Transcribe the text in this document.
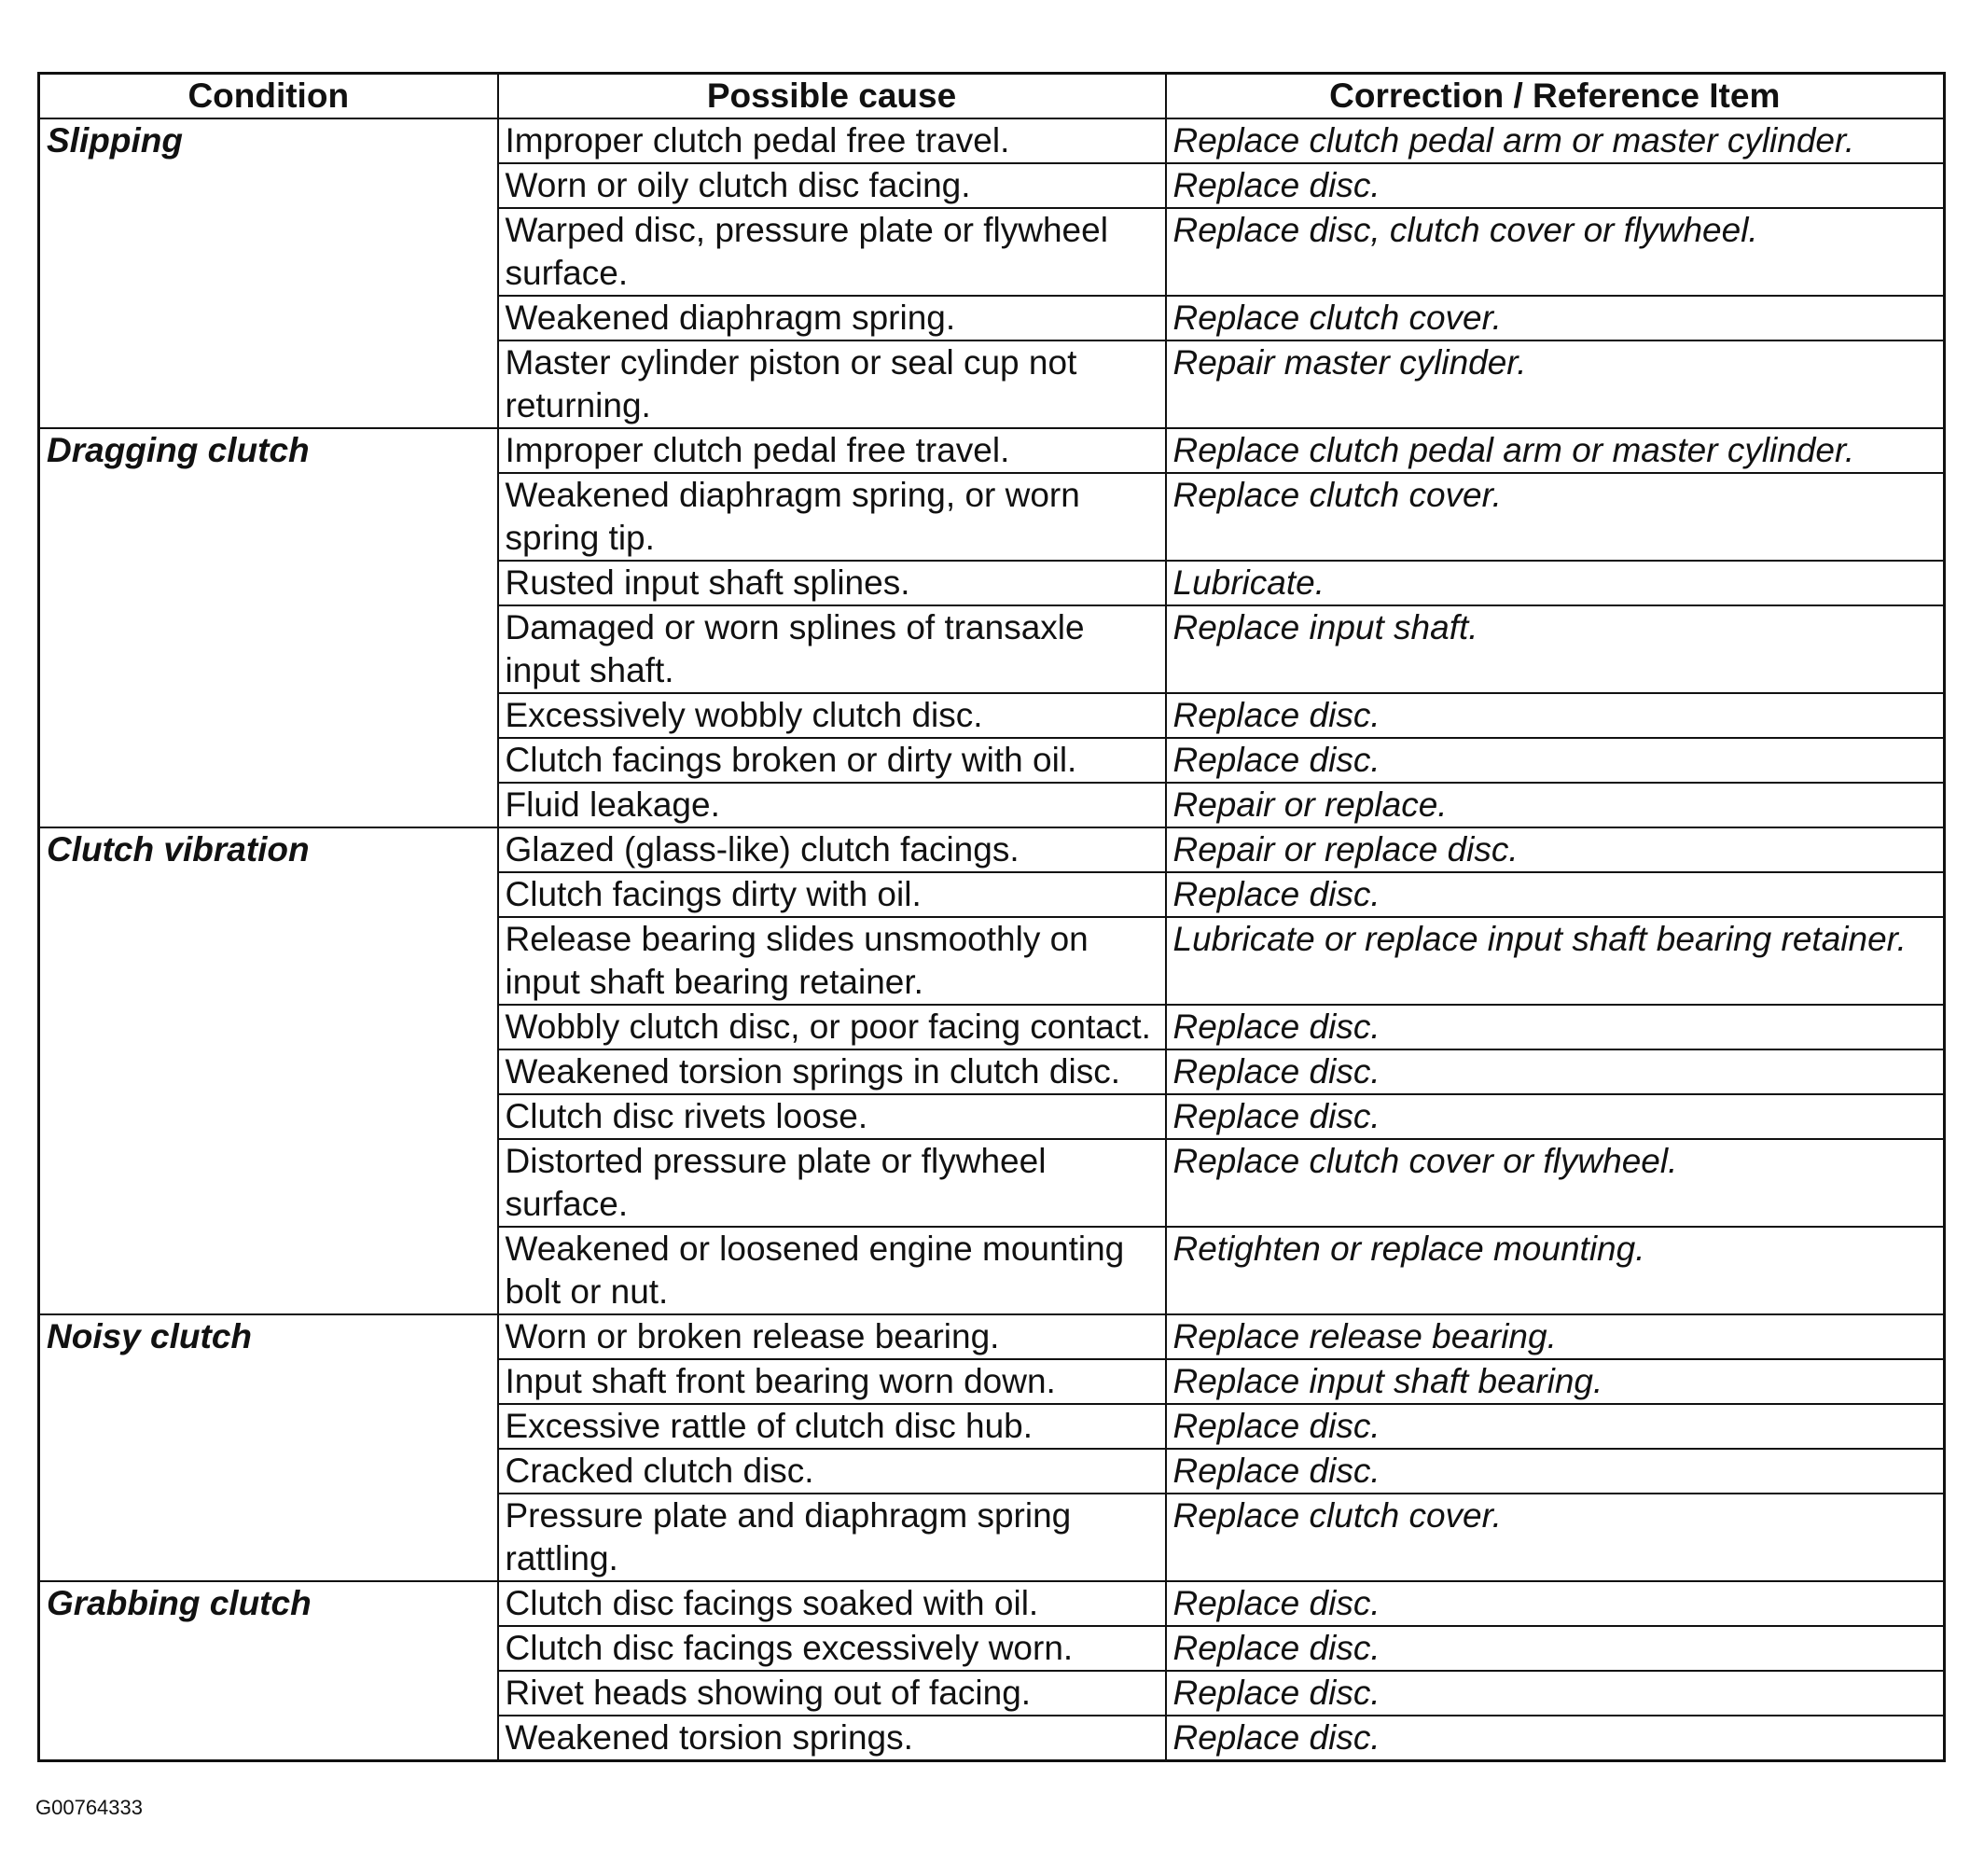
Condition	Possible cause	Correction / Reference Item
Slipping	Improper clutch pedal free travel.	Replace clutch pedal arm or master cylinder.
	Worn or oily clutch disc facing.	Replace disc.
	Warped disc, pressure plate or flywheel surface.	Replace disc, clutch cover or flywheel.
	Weakened diaphragm spring.	Replace clutch cover.
	Master cylinder piston or seal cup not returning.	Repair master cylinder.
Dragging clutch	Improper clutch pedal free travel.	Replace clutch pedal arm or master cylinder.
	Weakened diaphragm spring, or worn spring tip.	Replace clutch cover.
	Rusted input shaft splines.	Lubricate.
	Damaged or worn splines of transaxle input shaft.	Replace input shaft.
	Excessively wobbly clutch disc.	Replace disc.
	Clutch facings broken or dirty with oil.	Replace disc.
	Fluid leakage.	Repair or replace.
Clutch vibration	Glazed (glass-like) clutch facings.	Repair or replace disc.
	Clutch facings dirty with oil.	Replace disc.
	Release bearing slides unsmoothly on input shaft bearing retainer.	Lubricate or replace input shaft bearing retainer.
	Wobbly clutch disc, or poor facing contact.	Replace disc.
	Weakened torsion springs in clutch disc.	Replace disc.
	Clutch disc rivets loose.	Replace disc.
	Distorted pressure plate or flywheel surface.	Replace clutch cover or flywheel.
	Weakened or loosened engine mounting bolt or nut.	Retighten or replace mounting.
Noisy clutch	Worn or broken release bearing.	Replace release bearing.
	Input shaft front bearing worn down.	Replace input shaft bearing.
	Excessive rattle of clutch disc hub.	Replace disc.
	Cracked clutch disc.	Replace disc.
	Pressure plate and diaphragm spring rattling.	Replace clutch cover.
Grabbing clutch	Clutch disc facings soaked with oil.	Replace disc.
	Clutch disc facings excessively worn.	Replace disc.
	Rivet heads showing out of facing.	Replace disc.
	Weakened torsion springs.	Replace disc.
G00764333
